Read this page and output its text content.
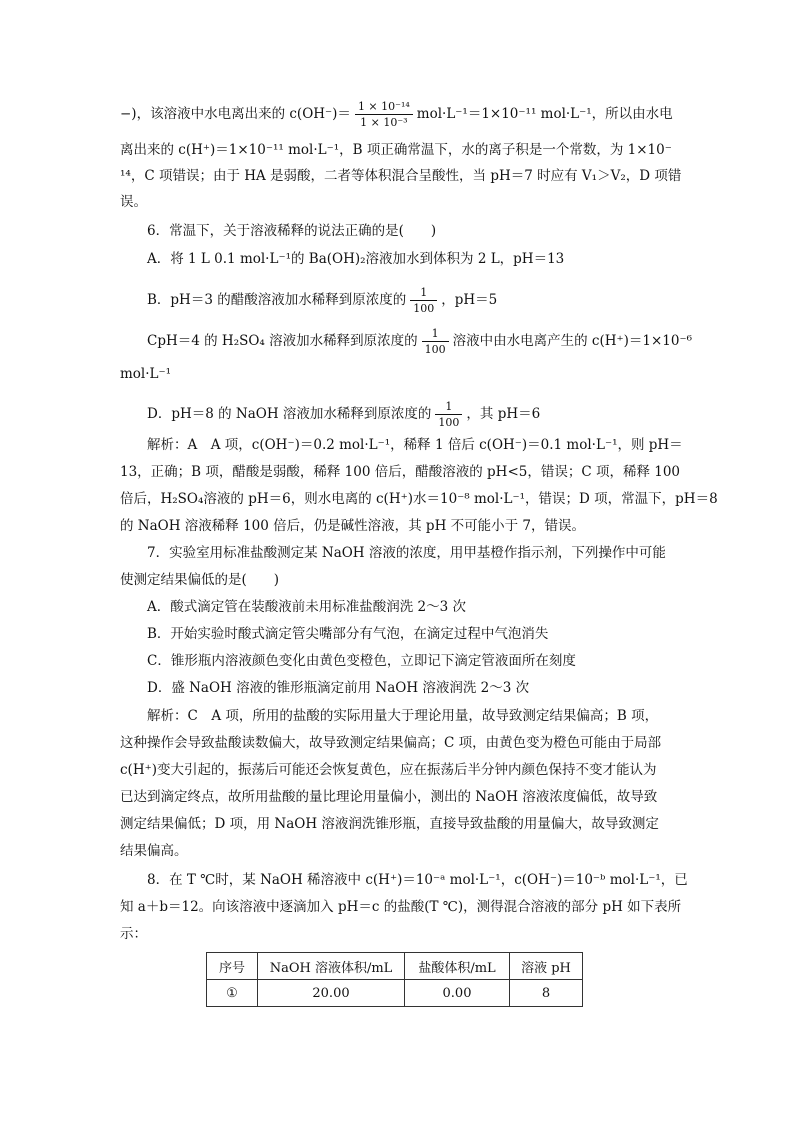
−)，该溶液中水电离出来的 $c(OH^-)= \frac{\text{1 × 10⁻¹⁴}}{\text{1 × 10⁻³}} mol\cdot L^{-1}=1\times 10^{-11}$ mol·L⁻¹，所以由水电
离出来的 c(H⁺)＝1×10⁻¹¹ mol·L⁻¹，B 项正确常温下，水的离子积是一个常数，为 1×10⁻
¹⁴，C 项错误；由于 HA 是弱酸，二者等体积混合呈酸性，当 pH＝7 时应有 V₁＞V₂，D 项错
误。
6．常温下，关于溶液稀释的说法正确的是(　　)
A．将 1 L 0.1 mol·L⁻¹的 Ba(OH)₂溶液加水到体积为 2 L，pH＝13
B．pH＝3 的醋酸溶液加水稀释到原浓度的 $\frac{1}{100}$ ，pH＝5
CpH＝4 的 H₂SO₄ 溶液加水稀释到原浓度的 $\frac{1}{100}$ 溶液中由水电离产生的 c(H⁺)＝1×10⁻⁶
mol·L⁻¹
D．pH＝8 的 NaOH 溶液加水稀释到原浓度的 $\frac{1}{100}$ ，其 pH＝6
解析：A　A 项，c(OH⁻)＝0.2 mol·L⁻¹，稀释 1 倍后 c(OH⁻)＝0.1 mol·L⁻¹，则 pH＝
13，正确；B 项，醋酸是弱酸，稀释 100 倍后，醋酸溶液的 pH<5，错误；C 项，稀释 100
倍后，H₂SO₄溶液的 pH＝6，则水电离的 c(H⁺)水＝10⁻⁸ mol·L⁻¹，错误；D 项，常温下，pH＝8
的 NaOH 溶液稀释 100 倍后，仍是碱性溶液，其 pH 不可能小于 7，错误。
7．实验室用标准盐酸测定某 NaOH 溶液的浓度，用甲基橙作指示剂，下列操作中可能
使测定结果偏低的是(　　)
A．酸式滴定管在装酸液前未用标准盐酸润洗 2～3 次
B．开始实验时酸式滴定管尖嘴部分有气泡，在滴定过程中气泡消失
C．锥形瓶内溶液颜色变化由黄色变橙色，立即记下滴定管液面所在刻度
D．盛 NaOH 溶液的锥形瓶滴定前用 NaOH 溶液润洗 2～3 次
解析：C　A 项，所用的盐酸的实际用量大于理论用量，故导致测定结果偏高；B 项，
这种操作会导致盐酸读数偏大，故导致测定结果偏高；C 项，由黄色变为橙色可能由于局部
c(H⁺)变大引起的，振荡后可能还会恢复黄色，应在振荡后半分钟内颜色保持不变才能认为
已达到滴定终点，故所用盐酸的量比理论用量偏小，测出的 NaOH 溶液浓度偏低，故导致
测定结果偏低；D 项，用 NaOH 溶液润洗锥形瓶，直接导致盐酸的用量偏大，故导致测定
结果偏高。
8．在 T ℃时，某 NaOH 稀溶液中 c(H⁺)＝10⁻ᵃ mol·L⁻¹，c(OH⁻)＝10⁻ᵇ mol·L⁻¹，已
知 a＋b＝12。向该溶液中逐滴加入 pH＝c 的盐酸(T ℃)，测得混合溶液的部分 pH 如下表所
示：
序号	NaOH 溶液体积/mL	盐酸体积/mL	溶液 pH
①	20.00	0.00	8
